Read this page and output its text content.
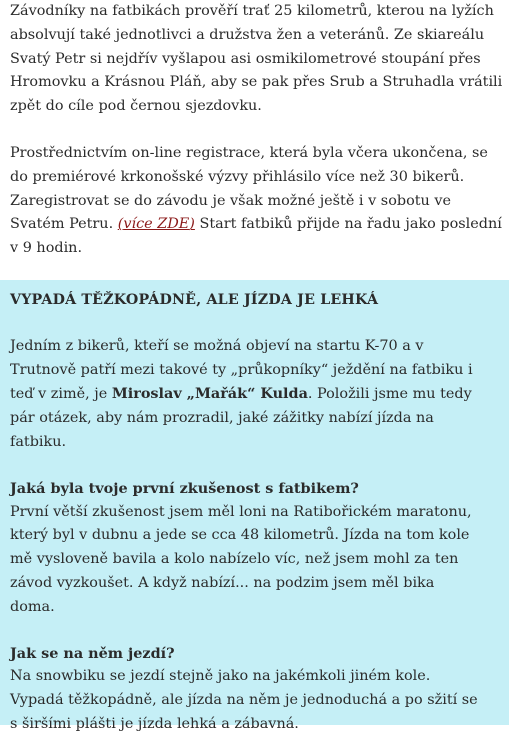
Závodníky na fatbikách prověří trať 25 kilometrů, kterou na lyžích absolvují také jednotlivci a družstva žen a veteránů. Ze skiareálu Svatý Petr si nejdřív vyšlapou asi osmikilometrové stoupání přes Hromovku a Krásnou Pláň, aby se pak přes Srub a Struhadla vrátili zpět do cíle pod černou sjezdovku.

Prostřednictvím on-line registrace, která byla včera ukončena, se do premiérové krkonošské výzvy přihlásilo více než 30 bikerů. Zaregistrovat se do závodu je však možné ještě i v sobotu ve Svatém Petru. (více ZDE) Start fatbiků přijde na řadu jako poslední v 9 hodin.

VYPADÁ TĚŽKOPÁDNĚ, ALE JÍZDA JE LEHKÁ

Jedním z bikerů, kteří se možná objeví na startu K-70 a v Trutnově patří mezi takové ty „průkopníky“ ježdění na fatbiku i teď v zimě, je Miroslav „Mařák“ Kulda. Položili jsme mu tedy pár otázek, aby nám prozradil, jaké zážitky nabízí jízda na fatbiku.

Jaká byla tvoje první zkušenost s fatbikem?
První větší zkušenost jsem měl loni na Ratibořickém maratonu, který byl v dubnu a jede se cca 48 kilometrů. Jízda na tom kole mě vysloveně bavila a kolo nabízelo víc, než jsem mohl za ten závod vyzkoušet. A když nabízí... na podzim jsem měl bika doma.

Jak se na něm jezdí?
Na snowbiku se jezdí stejně jako na jakémkoli jiném kole. Vypadá těžkopádně, ale jízda na něm je jednoduchá a po sžití se s širšími plášti je jízda lehká a zábavná.
